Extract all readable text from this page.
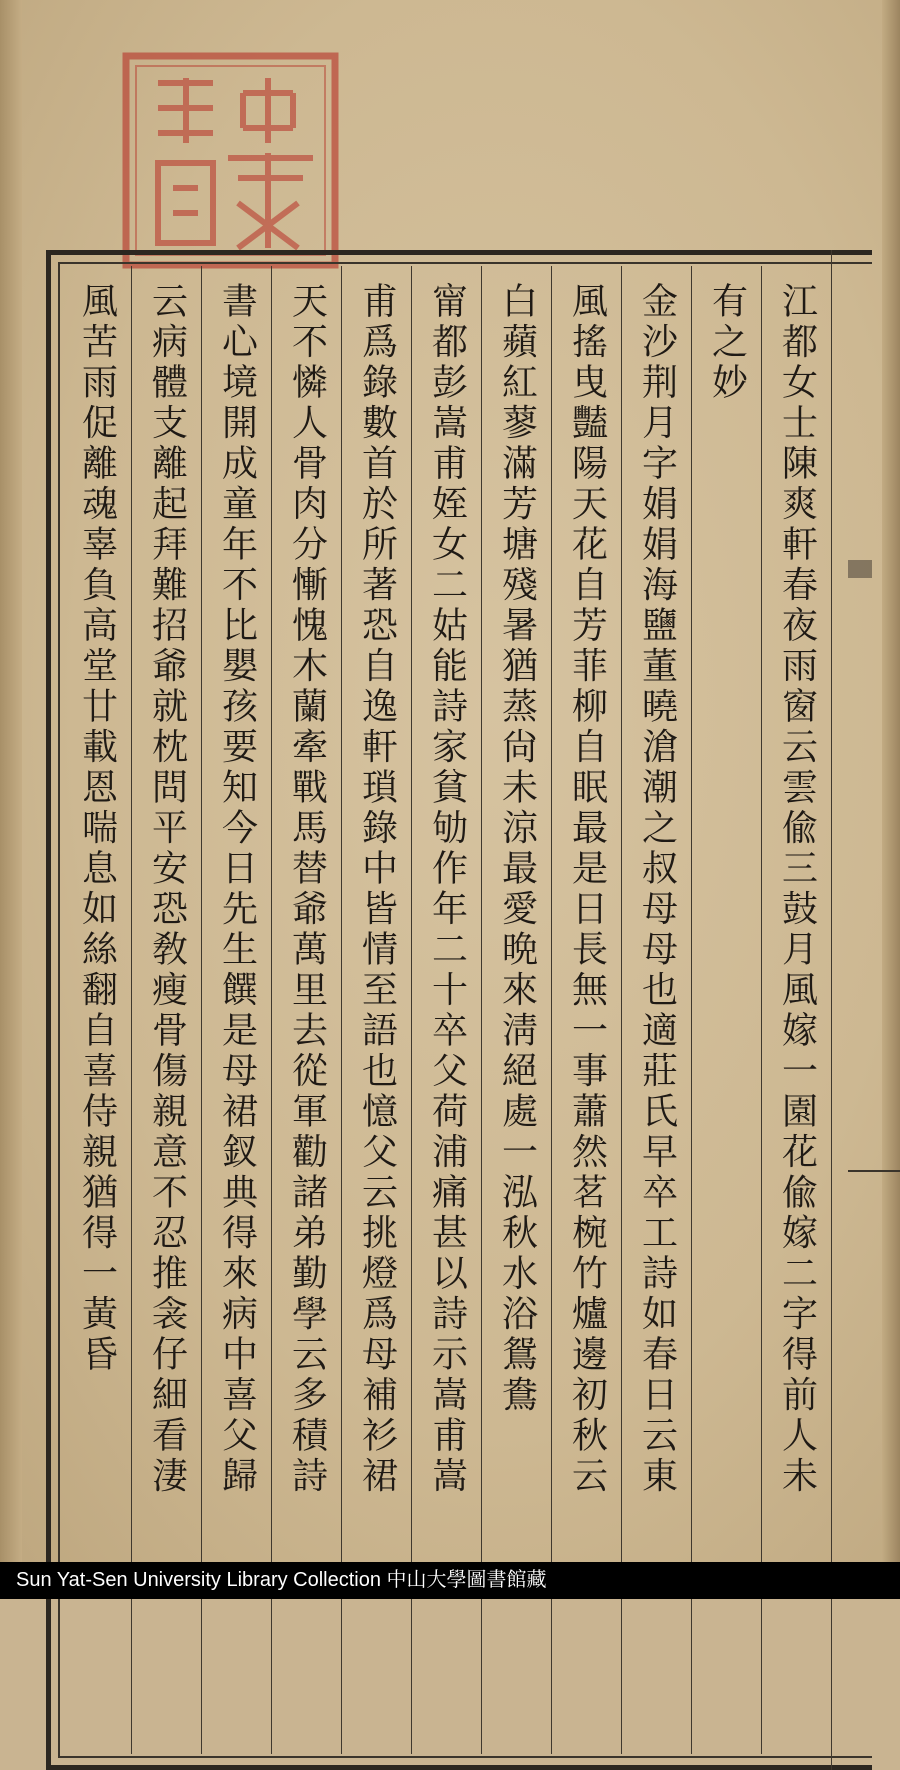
江都女士陳爽軒春夜雨窗云雲偸三鼓月風嫁一園花偸嫁二字得前人未
有之妙
金沙荆月字娟娟海鹽董曉滄潮之叔母母也適莊氏早卒工詩如春日云東
風搖曳豔陽天花自芳菲柳自眠最是日長無一事蕭然茗椀竹爐邊初秋云
白蘋紅蓼滿芳塘殘暑猶蒸尙未涼最愛晩來淸絕處一泓秋水浴鴛鴦
甯都彭嵩甫姪女二姑能詩家貧劬作年二十卒父荷浦痛甚以詩示嵩甫嵩
甫爲錄數首於所著恐自逸軒瑣錄中皆情至語也憶父云挑燈爲母補衫裙
天不憐人骨肉分慚愧木蘭牽戰馬替爺萬里去從軍勸諸弟勤學云多積詩
書心境開成童年不比嬰孩要知今日先生饌是母裙釵典得來病中喜父歸
云病體支離起拜難招爺就枕問平安恐敎瘦骨傷親意不忍推衾仔細看淒
風苦雨促離魂辜負高堂廿載恩喘息如絲翻自喜侍親猶得一黃昏
Sun Yat-Sen University Library Collection 中山大學圖書館藏
